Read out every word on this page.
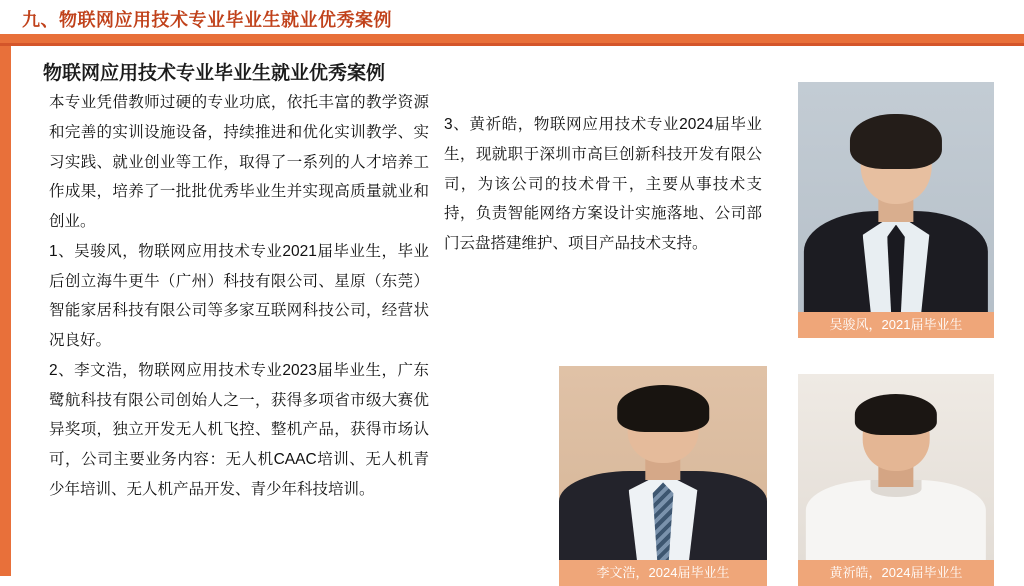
九、物联网应用技术专业毕业生就业优秀案例
物联网应用技术专业毕业生就业优秀案例

本专业凭借教师过硬的专业功底，依托丰富的教学资源和完善的实训设施设备，持续推进和优化实训教学、实习实践、就业创业等工作，取得了一系列的人才培养工作成果，培养了一批批优秀毕业生并实现高质量就业和创业。

1、吴骏风，物联网应用技术专业2021届毕业生，毕业后创立海牛更牛（广州）科技有限公司、星原（东莞）智能家居科技有限公司等多家互联网科技公司，经营状况良好。

2、李文浩，物联网应用技术专业2023届毕业生，广东鹭航科技有限公司创始人之一，获得多项省市级大赛优异奖项，独立开发无人机飞控、整机产品，获得市场认可，公司主要业务内容：无人机CAAC培训、无人机青少年培训、无人机产品开发、青少年科技培训。

3、黄祈皓，物联网应用技术专业2024届毕业生，现就职于深圳市高巨创新科技开发有限公司，为该公司的技术骨干，主要从事技术支持，负责智能网络方案设计实施落地、公司部门云盘搭建维护、项目产品技术支持。

吴骏风，2021届毕业生
李文浩，2024届毕业生	黄祈皓，2024届毕业生
